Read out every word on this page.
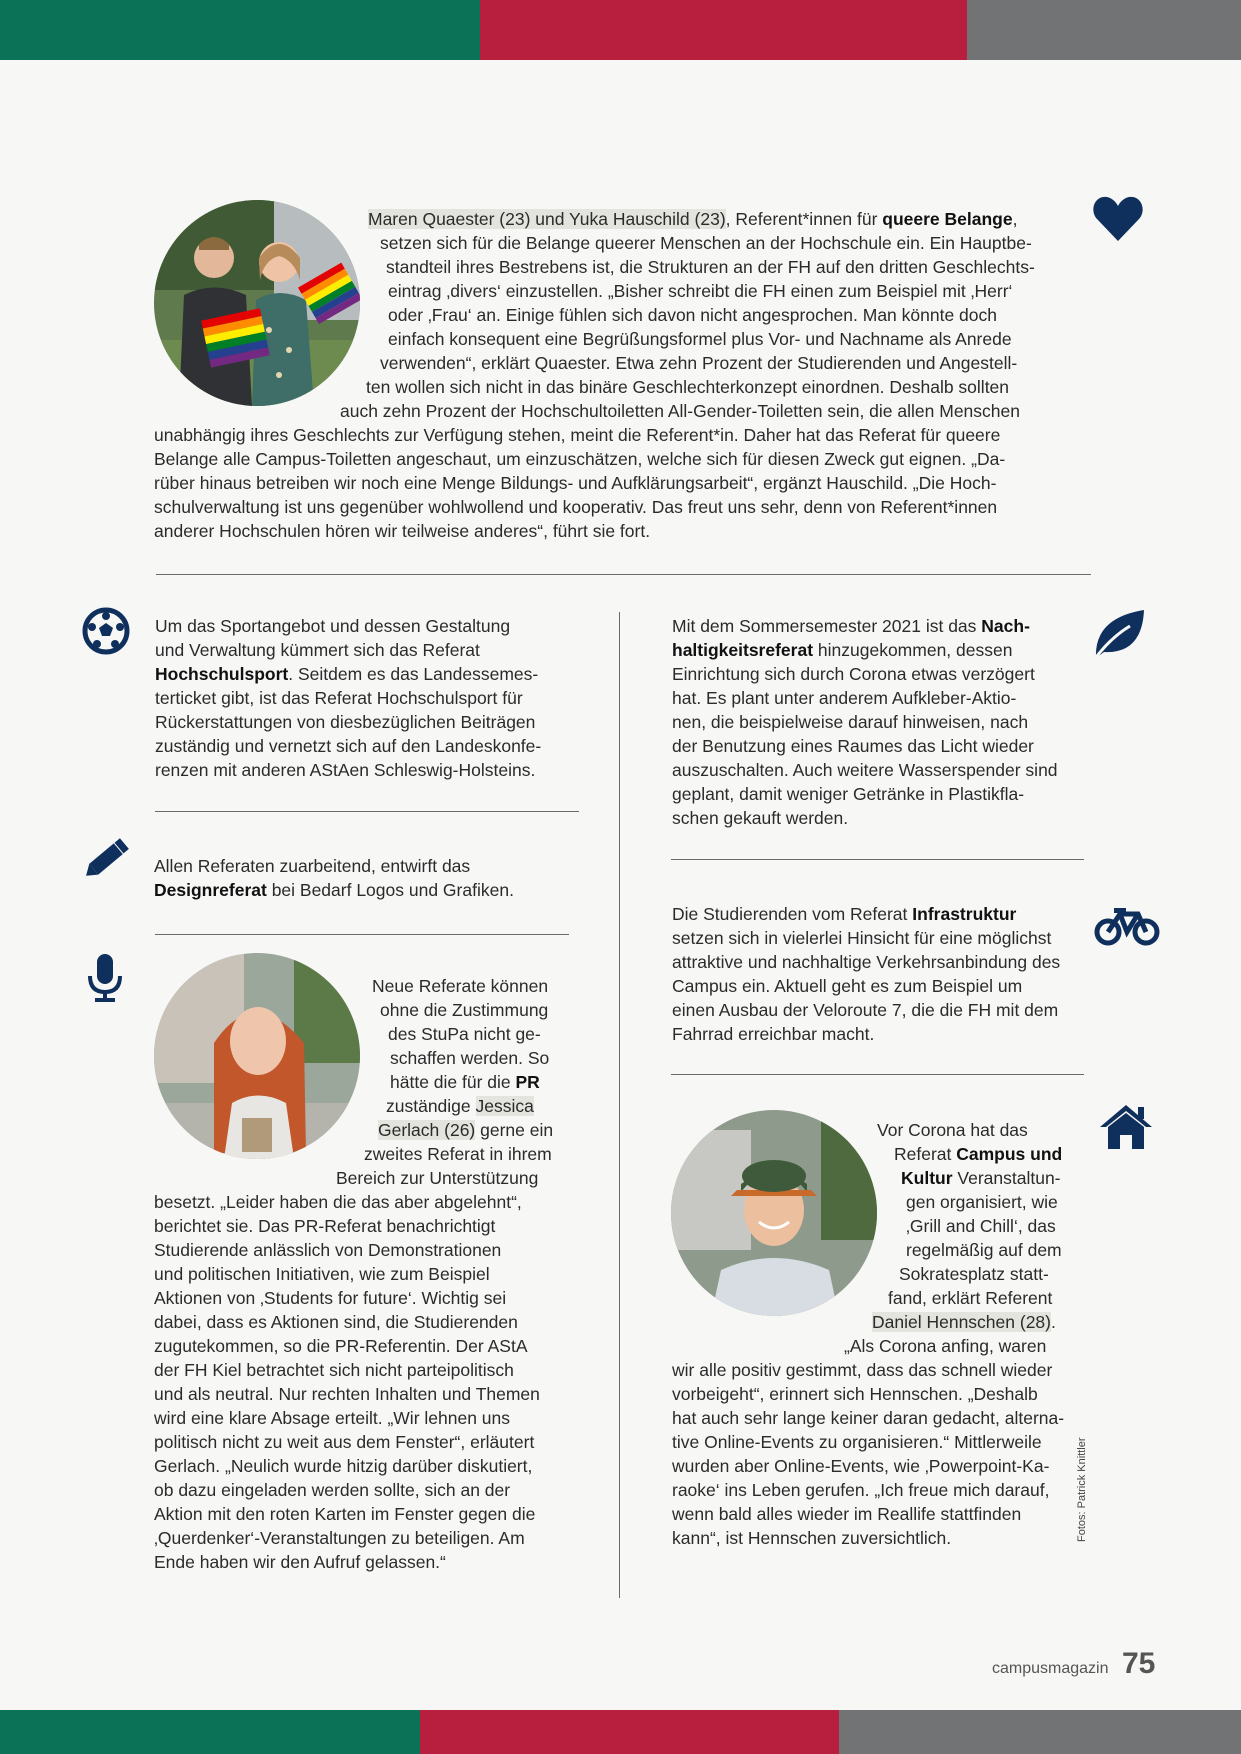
Maren Quaester (23) und Yuka Hauschild (23), Referent*innen für queere Belange,
setzen sich für die Belange queerer Menschen an der Hochschule ein. Ein Hauptbe-
standteil ihres Bestrebens ist, die Strukturen an der FH auf den dritten Geschlechts-
eintrag ‚divers‘ einzustellen. „Bisher schreibt die FH einen zum Beispiel mit ‚Herr‘
oder ‚Frau‘ an. Einige fühlen sich davon nicht angesprochen. Man könnte doch
einfach konsequent eine Begrüßungsformel plus Vor- und Nachname als Anrede
verwenden“, erklärt Quaester. Etwa zehn Prozent der Studierenden und Angestell-
ten wollen sich nicht in das binäre Geschlechterkonzept einordnen. Deshalb sollten
auch zehn Prozent der Hochschultoiletten All-Gender-Toiletten sein, die allen Menschen
unabhängig ihres Geschlechts zur Verfügung stehen, meint die Referent*in. Daher hat das Referat für queere
Belange alle Campus-Toiletten angeschaut, um einzuschätzen, welche sich für diesen Zweck gut eignen. „Da-
rüber hinaus betreiben wir noch eine Menge Bildungs- und Aufklärungsarbeit“, ergänzt Hauschild. „Die Hoch-
schulverwaltung ist uns gegenüber wohlwollend und kooperativ. Das freut uns sehr, denn von Referent*innen
anderer Hochschulen hören wir teilweise anderes“, führt sie fort.
Um das Sportangebot und dessen Gestaltung
und Verwaltung kümmert sich das Referat
Hochschulsport. Seitdem es das Landessemes-
terticket gibt, ist das Referat Hochschulsport für
Rückerstattungen von diesbezüglichen Beiträgen
zuständig und vernetzt sich auf den Landeskonfe-
renzen mit anderen AStAen Schleswig-Holsteins.
Allen Referaten zuarbeitend, entwirft das
Designreferat bei Bedarf Logos und Grafiken.
Neue Referate können
ohne die Zustimmung
des StuPa nicht ge-
schaffen werden. So
hätte die für die PR
zuständige Jessica
Gerlach (26) gerne ein
zweites Referat in ihrem
Bereich zur Unterstützung
besetzt. „Leider haben die das aber abgelehnt“,
berichtet sie. Das PR-Referat benachrichtigt
Studierende anlässlich von Demonstrationen
und politischen Initiativen, wie zum Beispiel
Aktionen von ‚Students for future‘. Wichtig sei
dabei, dass es Aktionen sind, die Studierenden
zugutekommen, so die PR-Referentin. Der AStA
der FH Kiel betrachtet sich nicht parteipolitisch
und als neutral. Nur rechten Inhalten und Themen
wird eine klare Absage erteilt. „Wir lehnen uns
politisch nicht zu weit aus dem Fenster“, erläutert
Gerlach. „Neulich wurde hitzig darüber diskutiert,
ob dazu eingeladen werden sollte, sich an der
Aktion mit den roten Karten im Fenster gegen die
‚Querdenker‘-Veranstaltungen zu beteiligen. Am
Ende haben wir den Aufruf gelassen.“
Mit dem Sommersemester 2021 ist das Nach-
haltigkeitsreferat hinzugekommen, dessen
Einrichtung sich durch Corona etwas verzögert
hat. Es plant unter anderem Aufkleber-Aktio-
nen, die beispielweise darauf hinweisen, nach
der Benutzung eines Raumes das Licht wieder
auszuschalten. Auch weitere Wasserspender sind
geplant, damit weniger Getränke in Plastikfla-
schen gekauft werden.
Die Studierenden vom Referat Infrastruktur
setzen sich in vielerlei Hinsicht für eine möglichst
attraktive und nachhaltige Verkehrsanbindung des
Campus ein. Aktuell geht es zum Beispiel um
einen Ausbau der Veloroute 7, die die FH mit dem
Fahrrad erreichbar macht.
Vor Corona hat das
Referat Campus und
Kultur Veranstaltun-
gen organisiert, wie
‚Grill and Chill‘, das
regelmäßig auf dem
Sokratesplatz statt-
fand, erklärt Referent
Daniel Hennschen (28).
„Als Corona anfing, waren
wir alle positiv gestimmt, dass das schnell wieder
vorbeigeht“, erinnert sich Hennschen. „Deshalb
hat auch sehr lange keiner daran gedacht, alterna-
tive Online-Events zu organisieren.“ Mittlerweile
wurden aber Online-Events, wie ‚Powerpoint-Ka-
raoke‘ ins Leben gerufen. „Ich freue mich darauf,
wenn bald alles wieder im Reallife stattfinden
kann“, ist Hennschen zuversichtlich.	Fotos: Patrick Knittler
campusmagazin 75
